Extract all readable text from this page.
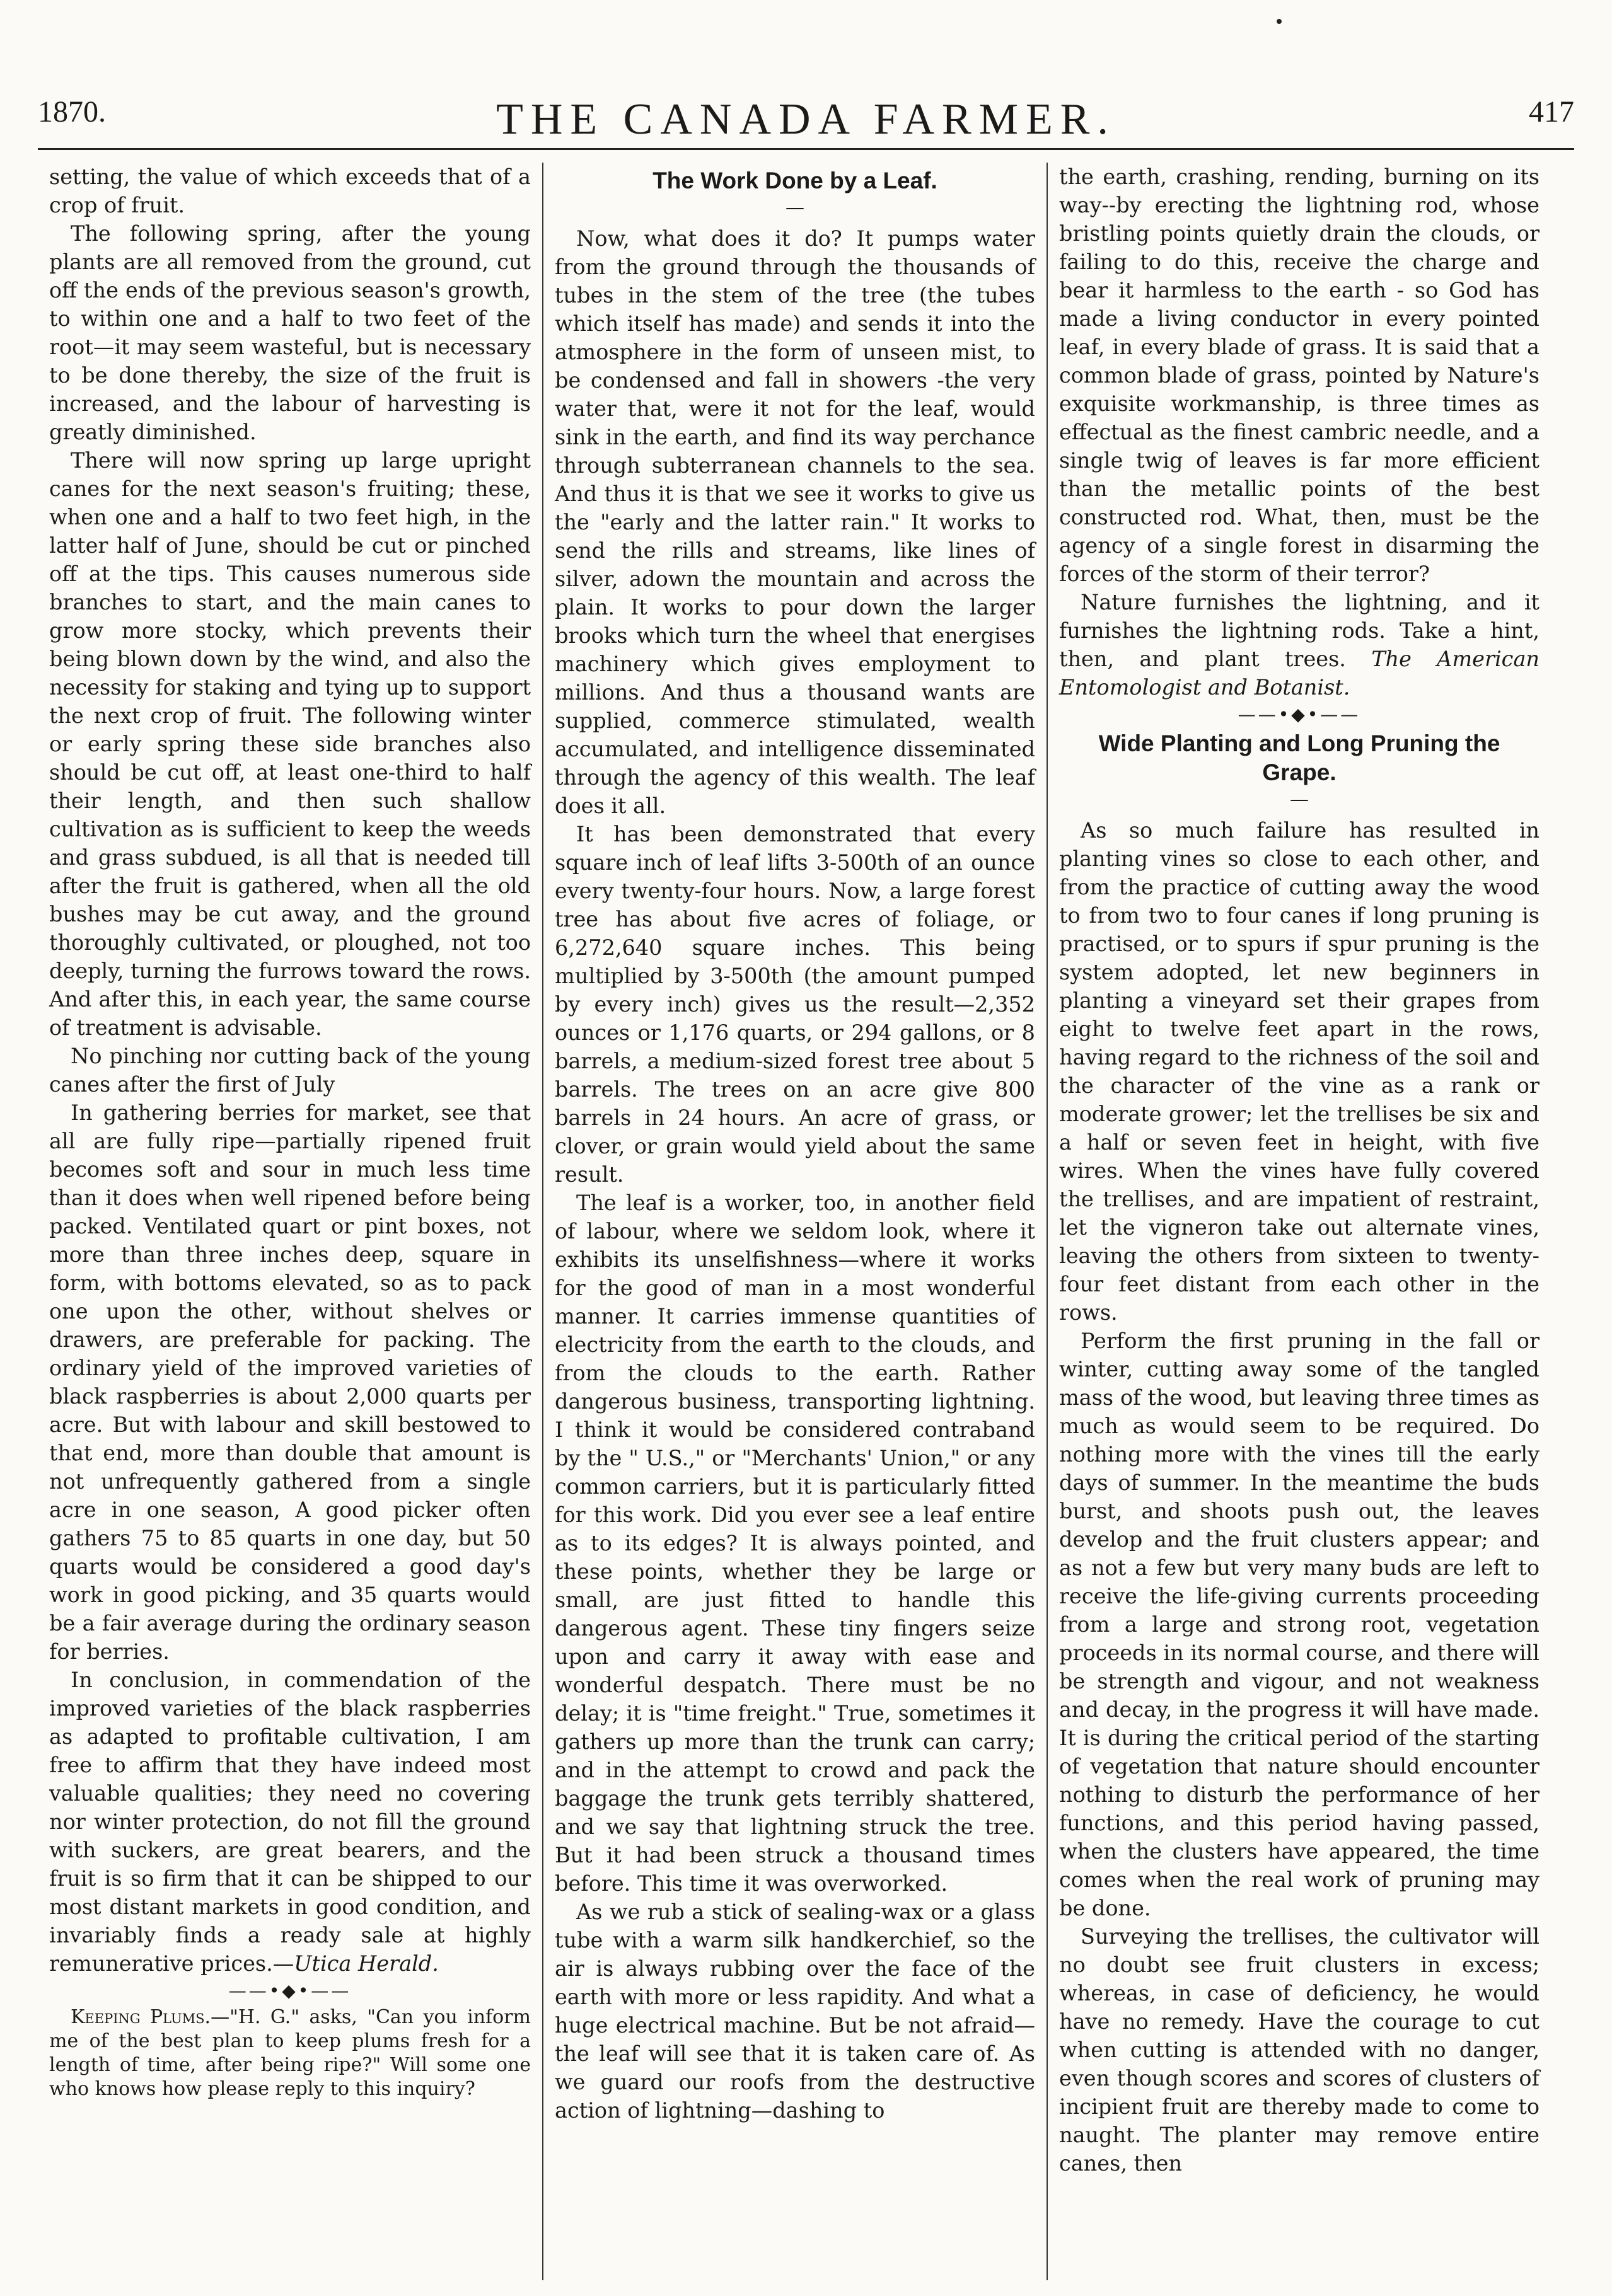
1870.	THE CANADA FARMER.	417

setting, the value of which exceeds that of a crop of fruit.

The following spring, after the young plants are all removed from the ground, cut off the ends of the previous season's growth, to within one and a half to two feet of the root—it may seem wasteful, but is necessary to be done thereby, the size of the fruit is increased, and the labour of harvesting is greatly diminished.

There will now spring up large upright canes for the next season's fruiting; these, when one and a half to two feet high, in the latter half of June, should be cut or pinched off at the tips. This causes numerous side branches to start, and the main canes to grow more stocky, which prevents their being blown down by the wind, and also the necessity for staking and tying up to support the next crop of fruit. The following winter or early spring these side branches also should be cut off, at least one-third to half their length, and then such shallow cultivation as is sufficient to keep the weeds and grass subdued, is all that is needed till after the fruit is gathered, when all the old bushes may be cut away, and the ground thoroughly cultivated, or ploughed, not too deeply, turning the furrows toward the rows. And after this, in each year, the same course of treatment is advisable.

No pinching nor cutting back of the young canes after the first of July

In gathering berries for market, see that all are fully ripe—partially ripened fruit becomes soft and sour in much less time than it does when well ripened before being packed. Ventilated quart or pint boxes, not more than three inches deep, square in form, with bottoms elevated, so as to pack one upon the other, without shelves or drawers, are preferable for packing. The ordinary yield of the improved varieties of black raspberries is about 2,000 quarts per acre. But with labour and skill bestowed to that end, more than double that amount is not unfrequently gathered from a single acre in one season, A good picker often gathers 75 to 85 quarts in one day, but 50 quarts would be considered a good day's work in good picking, and 35 quarts would be a fair average during the ordinary season for berries.

In conclusion, in commendation of the improved varieties of the black raspberries as adapted to profitable cultivation, I am free to affirm that they have indeed most valuable qualities; they need no covering nor winter protection, do not fill the ground with suckers, are great bearers, and the fruit is so firm that it can be shipped to our most distant markets in good condition, and invariably finds a ready sale at highly remunerative prices.—Utica Herald.

——•◆•——

Keeping Plums.—"H. G." asks, "Can you inform me of the best plan to keep plums fresh for a length of time, after being ripe?" Will some one who knows how please reply to this inquiry?

The Work Done by a Leaf.
—

Now, what does it do? It pumps water from the ground through the thousands of tubes in the stem of the tree (the tubes which itself has made) and sends it into the atmosphere in the form of unseen mist, to be condensed and fall in showers -the very water that, were it not for the leaf, would sink in the earth, and find its way perchance through subterranean channels to the sea. And thus it is that we see it works to give us the "early and the latter rain." It works to send the rills and streams, like lines of silver, adown the mountain and across the plain. It works to pour down the larger brooks which turn the wheel that energises machinery which gives employment to millions. And thus a thousand wants are supplied, commerce stimulated, wealth accumulated, and intelligence disseminated through the agency of this wealth. The leaf does it all.

It has been demonstrated that every square inch of leaf lifts 3-500th of an ounce every twenty-four hours. Now, a large forest tree has about five acres of foliage, or 6,272,640 square inches. This being multiplied by 3-500th (the amount pumped by every inch) gives us the result—2,352 ounces or 1,176 quarts, or 294 gallons, or 8 barrels, a medium-sized forest tree about 5 barrels. The trees on an acre give 800 barrels in 24 hours. An acre of grass, or clover, or grain would yield about the same result.

The leaf is a worker, too, in another field of labour, where we seldom look, where it exhibits its unselfishness—where it works for the good of man in a most wonderful manner. It carries immense quantities of electricity from the earth to the clouds, and from the clouds to the earth. Rather dangerous business, transporting lightning. I think it would be considered contraband by the " U.S.," or "Merchants' Union," or any common carriers, but it is particularly fitted for this work. Did you ever see a leaf entire as to its edges? It is always pointed, and these points, whether they be large or small, are just fitted to handle this dangerous agent. These tiny fingers seize upon and carry it away with ease and wonderful despatch. There must be no delay; it is "time freight." True, sometimes it gathers up more than the trunk can carry; and in the attempt to crowd and pack the baggage the trunk gets terribly shattered, and we say that lightning struck the tree. But it had been struck a thousand times before. This time it was overworked.

As we rub a stick of sealing-wax or a glass tube with a warm silk handkerchief, so the air is always rubbing over the face of the earth with more or less rapidity. And what a huge electrical machine. But be not afraid—the leaf will see that it is taken care of. As we guard our roofs from the destructive action of lightning—dashing to

the earth, crashing, rending, burning on its way--by erecting the lightning rod, whose bristling points quietly drain the clouds, or failing to do this, receive the charge and bear it harmless to the earth - so God has made a living conductor in every pointed leaf, in every blade of grass. It is said that a common blade of grass, pointed by Nature's exquisite workmanship, is three times as effectual as the finest cambric needle, and a single twig of leaves is far more efficient than the metallic points of the best constructed rod. What, then, must be the agency of a single forest in disarming the forces of the storm of their terror?

Nature furnishes the lightning, and it furnishes the lightning rods. Take a hint, then, and plant trees. The American Entomologist and Botanist.

——•◆•——
Wide Planting and Long Pruning the Grape.
—

As so much failure has resulted in planting vines so close to each other, and from the practice of cutting away the wood to from two to four canes if long pruning is practised, or to spurs if spur pruning is the system adopted, let new beginners in planting a vineyard set their grapes from eight to twelve feet apart in the rows, having regard to the richness of the soil and the character of the vine as a rank or moderate grower; let the trellises be six and a half or seven feet in height, with five wires. When the vines have fully covered the trellises, and are impatient of restraint, let the vigneron take out alternate vines, leaving the others from sixteen to twenty-four feet distant from each other in the rows.

Perform the first pruning in the fall or winter, cutting away some of the tangled mass of the wood, but leaving three times as much as would seem to be required. Do nothing more with the vines till the early days of summer. In the meantime the buds burst, and shoots push out, the leaves develop and the fruit clusters appear; and as not a few but very many buds are left to receive the life-giving currents proceeding from a large and strong root, vegetation proceeds in its normal course, and there will be strength and vigour, and not weakness and decay, in the progress it will have made. It is during the critical period of the starting of vegetation that nature should encounter nothing to disturb the performance of her functions, and this period having passed, when the clusters have appeared, the time comes when the real work of pruning may be done.

Surveying the trellises, the cultivator will no doubt see fruit clusters in excess; whereas, in case of deficiency, he would have no remedy. Have the courage to cut when cutting is attended with no danger, even though scores and scores of clusters of incipient fruit are thereby made to come to naught. The planter may remove entire canes, then
